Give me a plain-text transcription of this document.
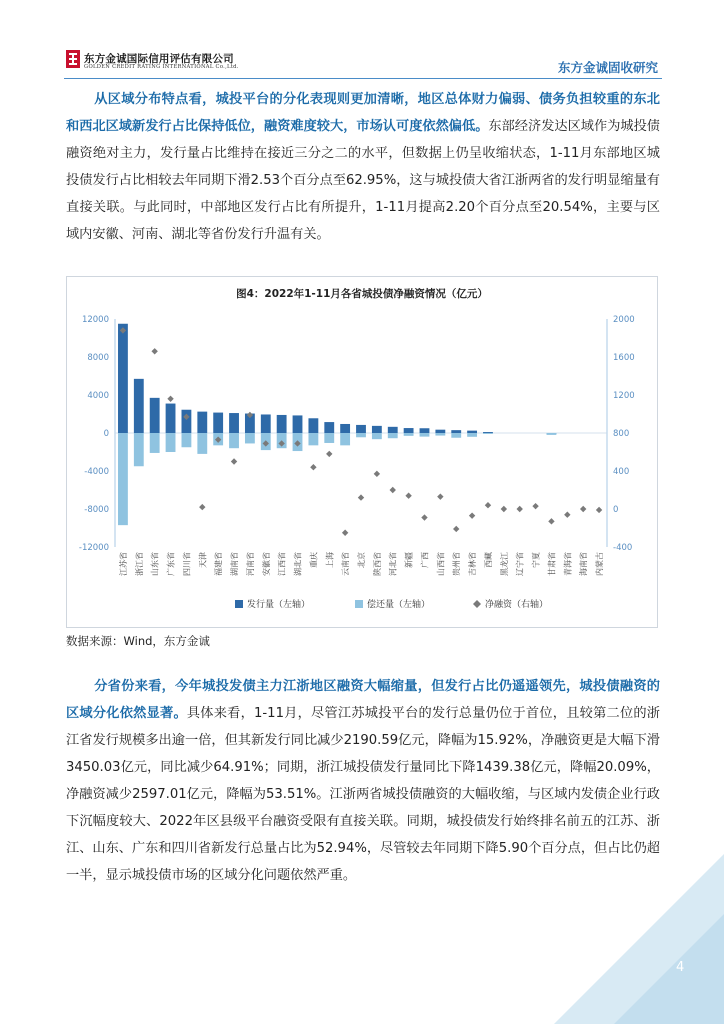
东方金诚国际信用评估有限公司
GOLDEN CREDIT RATING INTERNATIONAL Co.,Ltd.	东方金诚固收研究
从区域分布特点看，城投平台的分化表现则更加清晰，地区总体财力偏弱、债务负担较重的东北和西北区域新发行占比保持低位，融资难度较大，市场认可度依然偏低。东部经济发达区域作为城投债融资绝对主力，发行量占比维持在接近三分之二的水平，但数据上仍呈收缩状态，1-11月东部地区城投债发行占比相较去年同期下滑2.53个百分点至62.95%，这与城投债大省江浙两省的发行明显缩量有直接关联。与此同时，中部地区发行占比有所提升，1-11月提高2.20个百分点至20.54%，主要与区域内安徽、河南、湖北等省份发行升温有关。
图4：2022年1-11月各省城投债净融资情况（亿元）
12000
8000
4000
0
-4000
-8000
-12000
2000
1600
1200
800
400
0
-400
江苏省 浙江省 山东省 广东省 四川省 天津 福建省 湖南省 河南省 安徽省 江西省 湖北省 重庆 上海 云南省 北京 陕西省 河北省 新疆 广西 山西省 贵州省 吉林省 西藏 黑龙江 辽宁省 宁夏 甘肃省 青海省 海南省 内蒙古
发行量（左轴）	偿还量（左轴）	净融资（右轴）
数据来源：Wind，东方金诚
分省份来看，今年城投发债主力江浙地区融资大幅缩量，但发行占比仍遥遥领先，城投债融资的区域分化依然显著。具体来看，1-11月，尽管江苏城投平台的发行总量仍位于首位，且较第二位的浙江省发行规模多出逾一倍，但其新发行同比减少2190.59亿元，降幅为15.92%，净融资更是大幅下滑3450.03亿元，同比减少64.91%；同期，浙江城投债发行量同比下降1439.38亿元，降幅20.09%，净融资减少2597.01亿元，降幅为53.51%。江浙两省城投债融资的大幅收缩，与区域内发债企业行政下沉幅度较大、2022年区县级平台融资受限有直接关联。同期，城投债发行始终排名前五的江苏、浙江、山东、广东和四川省新发行总量占比为52.94%，尽管较去年同期下降5.90个百分点，但占比仍超一半，显示城投债市场的区域分化问题依然严重。
4
